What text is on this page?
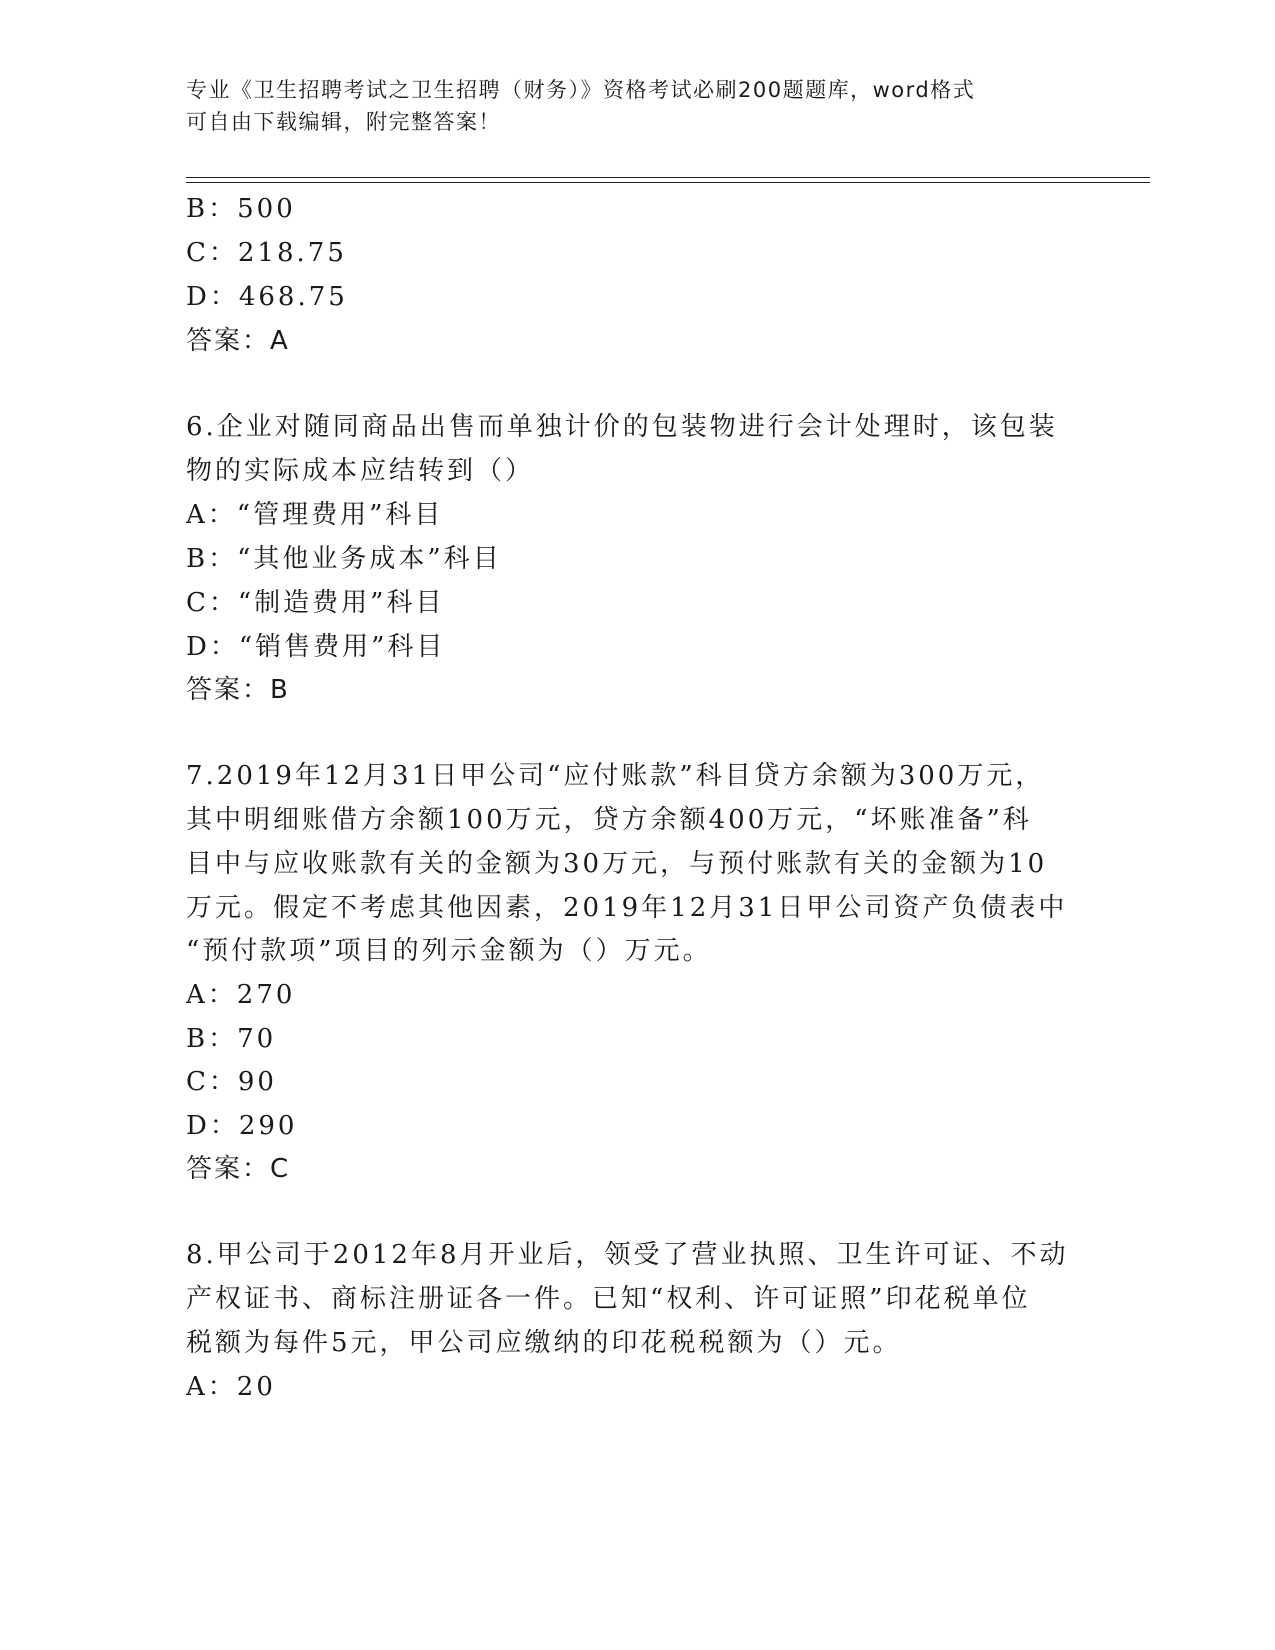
专业《卫生招聘考试之卫生招聘（财务）》资格考试必刷200题题库，word格式
可自由下载编辑，附完整答案！
B：500
C：218.75
D：468.75
答案：A
6.企业对随同商品出售而单独计价的包装物进行会计处理时，该包装
物的实际成本应结转到（）
A：“管理费用”科目
B：“其他业务成本”科目
C：“制造费用”科目
D：“销售费用”科目
答案：B
7.2019年12月31日甲公司“应付账款”科目贷方余额为300万元，
其中明细账借方余额100万元，贷方余额400万元，“坏账准备”科
目中与应收账款有关的金额为30万元，与预付账款有关的金额为10
万元。假定不考虑其他因素，2019年12月31日甲公司资产负债表中
“预付款项”项目的列示金额为（）万元。
A：270
B：70
C：90
D：290
答案：C
8.甲公司于2012年8月开业后，领受了营业执照、卫生许可证、不动
产权证书、商标注册证各一件。已知“权利、许可证照”印花税单位
税额为每件5元，甲公司应缴纳的印花税税额为（）元。
A：20
